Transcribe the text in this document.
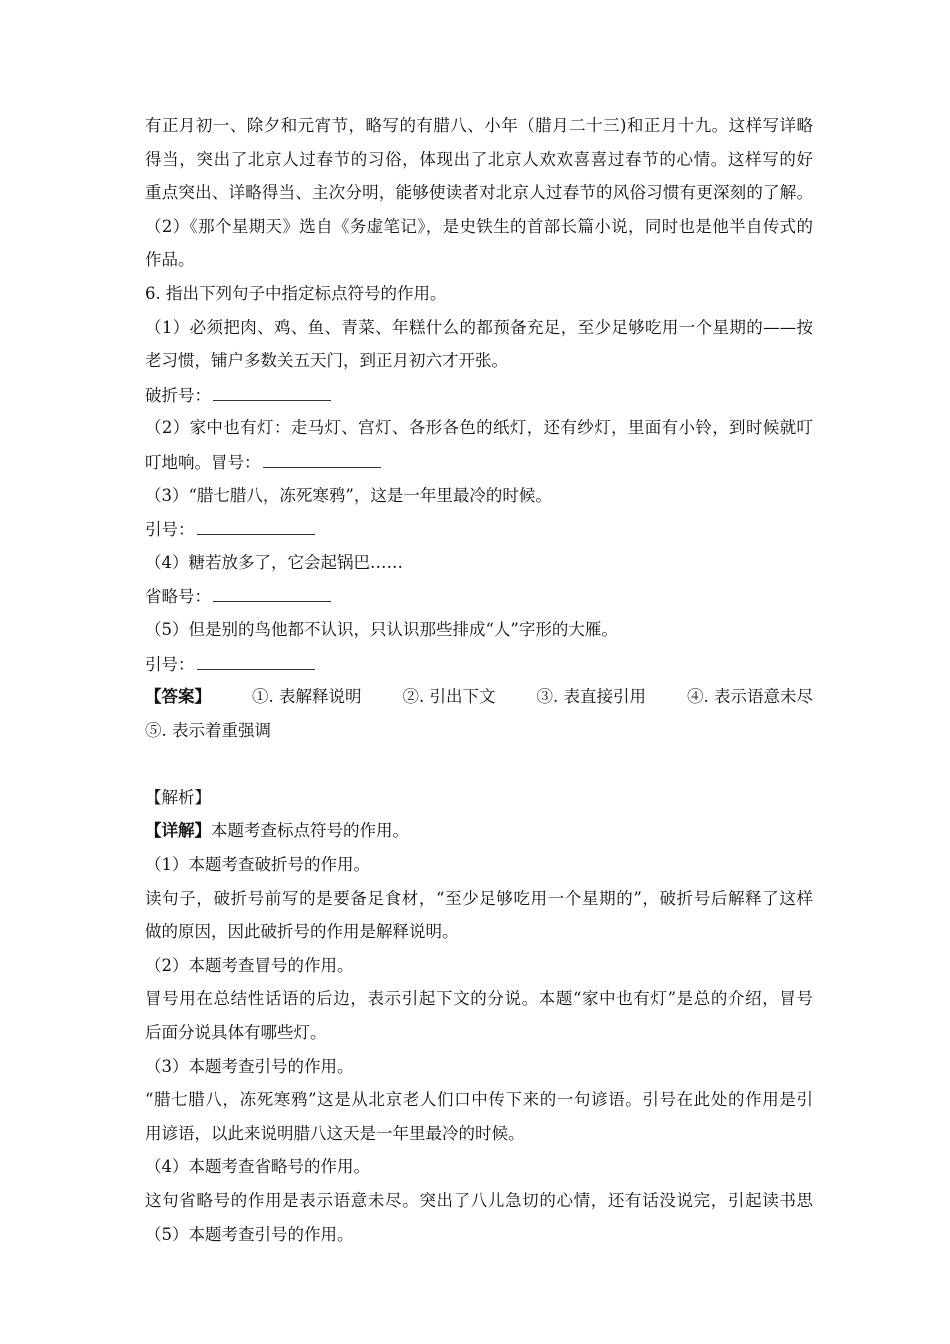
有正月初一、除夕和元宵节，略写的有腊八、小年（腊月二十三)和正月十九。这样写详略
得当，突出了北京人过春节的习俗，体现出了北京人欢欢喜喜过春节的心情。这样写的好
重点突出、详略得当、主次分明，能够使读者对北京人过春节的风俗习惯有更深刻的了解。
（2）《那个星期天》选自《务虚笔记》，是史铁生的首部长篇小说，同时也是他半自传式的
作品。
6. 指出下列句子中指定标点符号的作用。
（1）必须把肉、鸡、鱼、青菜、年糕什么的都预备充足，至少足够吃用一个星期的——按
老习惯，铺户多数关五天门，到正月初六才开张。
破折号：
（2）家中也有灯：走马灯、宫灯、各形各色的纸灯，还有纱灯，里面有小铃，到时候就叮
叮地响。冒号：
（3）“腊七腊八，冻死寒鸦”，这是一年里最冷的时候。
引号：
（4）糖若放多了，它会起锅巴……
省略号：
（5）但是别的鸟他都不认识，只认识那些排成“人”字形的大雁。
引号：
【答案】 ①. 表解释说明 ②. 引出下文 ③. 表直接引用 ④. 表示语意未尽
⑤. 表示着重强调
【解析】
【详解】本题考查标点符号的作用。
（1）本题考查破折号的作用。
读句子，破折号前写的是要备足食材，“至少足够吃用一个星期的”，破折号后解释了这样
做的原因，因此破折号的作用是解释说明。
（2）本题考查冒号的作用。
冒号用在总结性话语的后边，表示引起下文的分说。本题“家中也有灯”是总的介绍，冒号
后面分说具体有哪些灯。
（3）本题考查引号的作用。
“腊七腊八，冻死寒鸦”这是从北京老人们口中传下来的一句谚语。引号在此处的作用是引
用谚语，以此来说明腊八这天是一年里最冷的时候。
（4）本题考查省略号的作用。
这句省略号的作用是表示语意未尽。突出了八儿急切的心情，还有话没说完，引起读书思
（5）本题考查引号的作用。
